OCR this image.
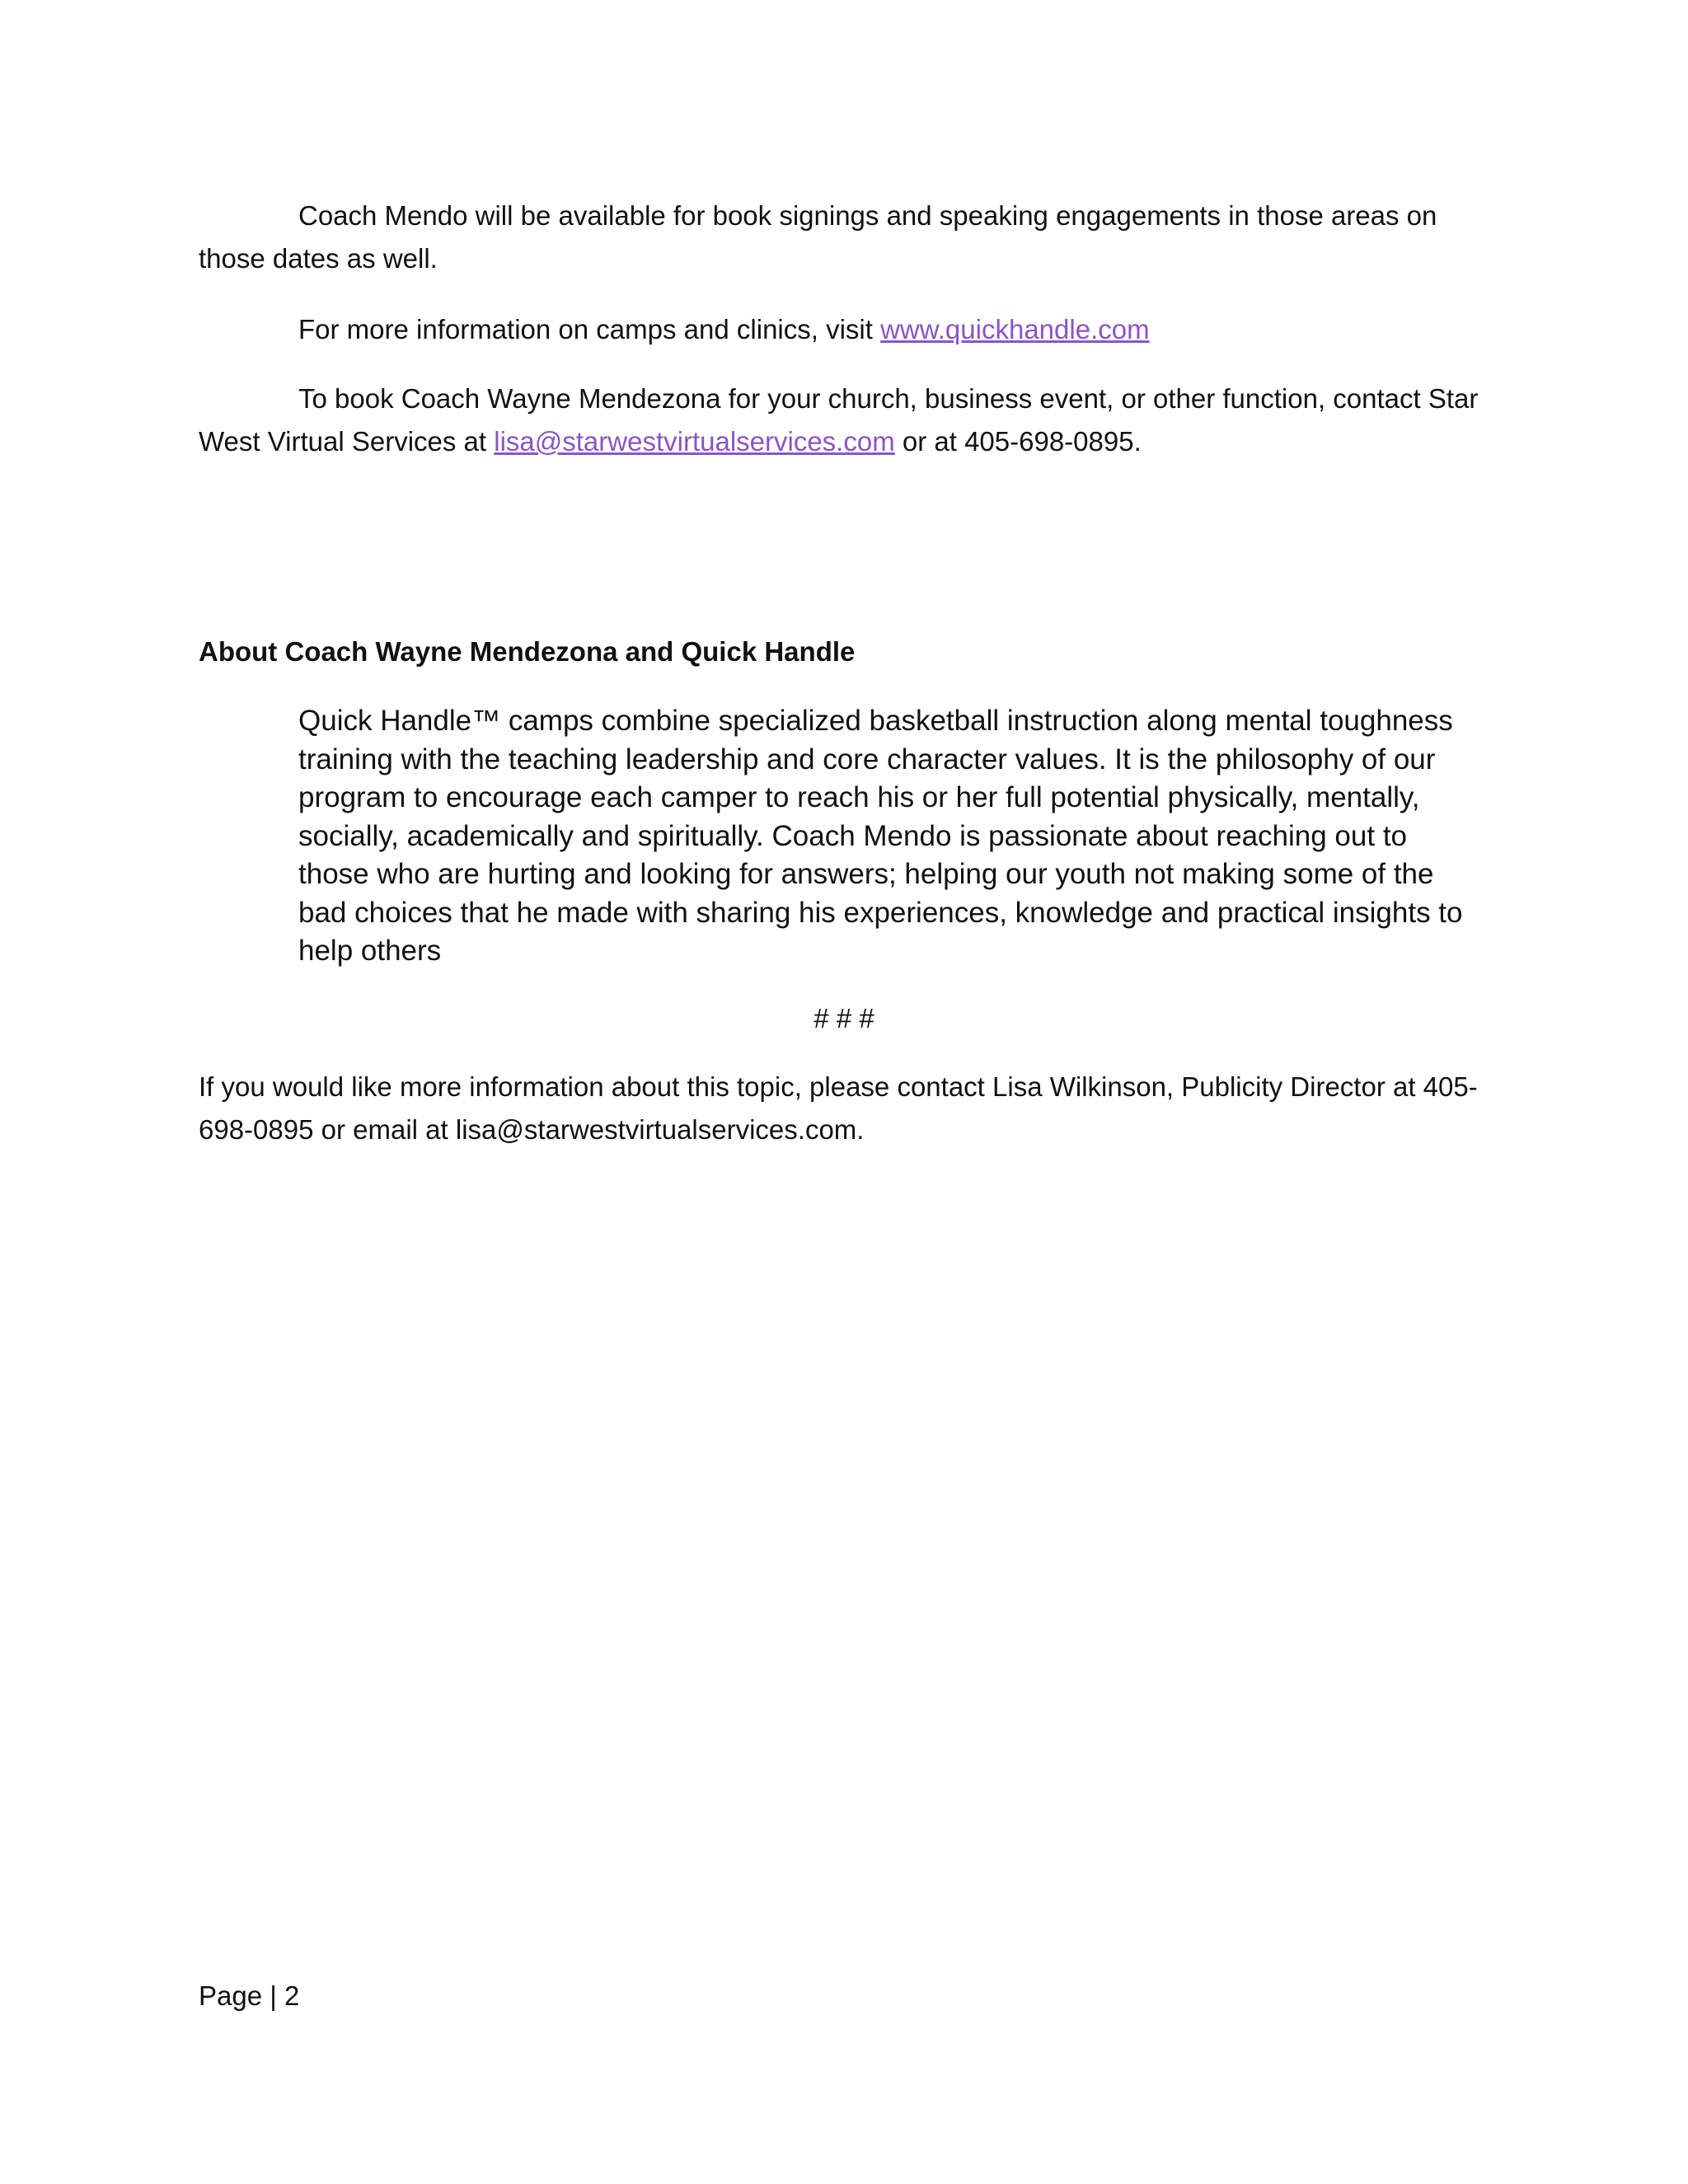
Coach Mendo will be available for book signings and speaking engagements in those areas on those dates as well.

For more information on camps and clinics, visit www.quickhandle.com

To book Coach Wayne Mendezona for your church, business event, or other function, contact Star West Virtual Services at lisa@starwestvirtualservices.com or at 405-698-0895.

About Coach Wayne Mendezona and Quick Handle

Quick Handle™ camps combine specialized basketball instruction along mental toughness training with the teaching leadership and core character values. It is the philosophy of our program to encourage each camper to reach his or her full potential physically, mentally, socially, academically and spiritually. Coach Mendo is passionate about reaching out to those who are hurting and looking for answers; helping our youth not making some of the bad choices that he made with sharing his experiences, knowledge and practical insights to help others

# # #

If you would like more information about this topic, please contact Lisa Wilkinson, Publicity Director at 405-698-0895 or email at lisa@starwestvirtualservices.com.

Page | 2
